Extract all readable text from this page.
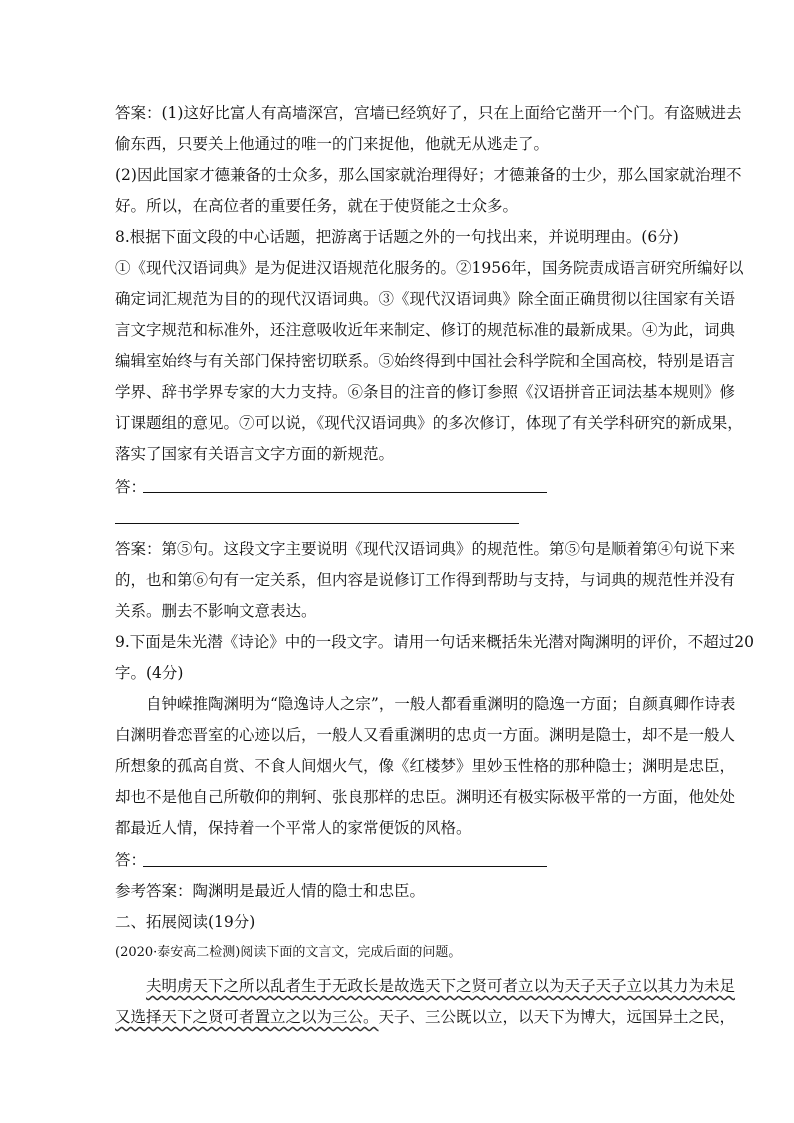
答案：(1)这好比富人有高墙深宫，宫墙已经筑好了，只在上面给它凿开一个门。有盗贼进去
偷东西，只要关上他通过的唯一的门来捉他，他就无从逃走了。
(2)因此国家才德兼备的士众多，那么国家就治理得好；才德兼备的士少，那么国家就治理不
好。所以，在高位者的重要任务，就在于使贤能之士众多。
8.根据下面文段的中心话题，把游离于话题之外的一句找出来，并说明理由。(6分)
①《现代汉语词典》是为促进汉语规范化服务的。②1956年，国务院责成语言研究所编好以
确定词汇规范为目的的现代汉语词典。③《现代汉语词典》除全面正确贯彻以往国家有关语
言文字规范和标准外，还注意吸收近年来制定、修订的规范标准的最新成果。④为此，词典
编辑室始终与有关部门保持密切联系。⑤始终得到中国社会科学院和全国高校，特别是语言
学界、辞书学界专家的大力支持。⑥条目的注音的修订参照《汉语拼音正词法基本规则》修
订课题组的意见。⑦可以说，《现代汉语词典》的多次修订，体现了有关学科研究的新成果，
落实了国家有关语言文字方面的新规范。
答：
答案：第⑤句。这段文字主要说明《现代汉语词典》的规范性。第⑤句是顺着第④句说下来
的，也和第⑥句有一定关系，但内容是说修订工作得到帮助与支持，与词典的规范性并没有
关系。删去不影响文意表达。
9.下面是朱光潜《诗论》中的一段文字。请用一句话来概括朱光潜对陶渊明的评价，不超过20
字。(4分)
自钟嵘推陶渊明为“隐逸诗人之宗”，一般人都看重渊明的隐逸一方面；自颜真卿作诗表
白渊明眷恋晋室的心迹以后，一般人又看重渊明的忠贞一方面。渊明是隐士，却不是一般人
所想象的孤高自赏、不食人间烟火气，像《红楼梦》里妙玉性格的那种隐士；渊明是忠臣，
却也不是他自己所敬仰的荆轲、张良那样的忠臣。渊明还有极实际极平常的一方面，他处处
都最近人情，保持着一个平常人的家常便饭的风格。
答：
参考答案：陶渊明是最近人情的隐士和忠臣。
二、拓展阅读(19分)
(2020·泰安高二检测)阅读下面的文言文，完成后面的问题。
夫明虏天下之所以乱者生于无政长是故选天下之贤可者立以为天子天子立以其力为未足
又选择天下之贤可者置立之以为三公。天子、三公既以立，以天下为博大，远国异土之民，
